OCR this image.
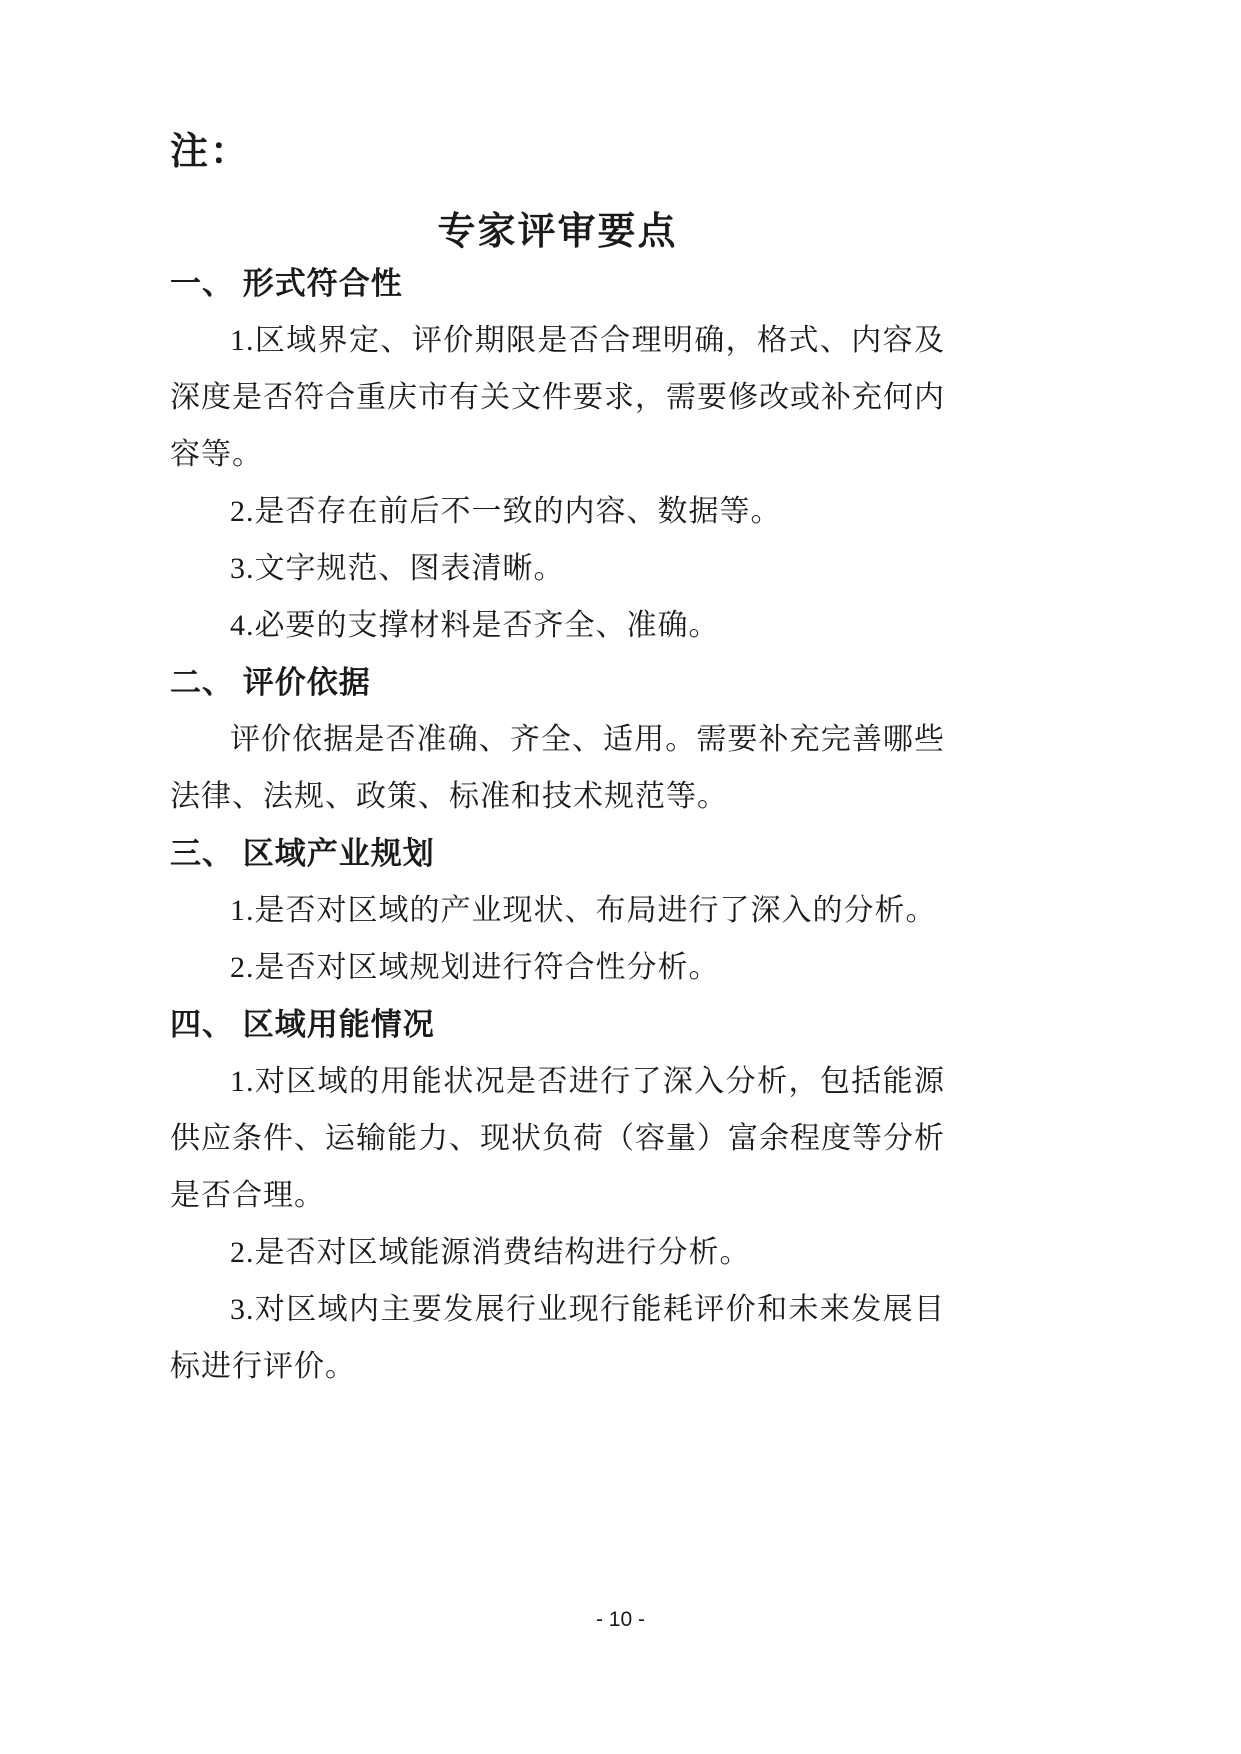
注：
专家评审要点
一、 形式符合性

1.区域界定、评价期限是否合理明确，格式、内容及深度是否符合重庆市有关文件要求，需要修改或补充何内容等。

2.是否存在前后不一致的内容、数据等。

3.文字规范、图表清晰。

4.必要的支撑材料是否齐全、准确。

二、 评价依据

评价依据是否准确、齐全、适用。需要补充完善哪些法律、法规、政策、标准和技术规范等。

三、 区域产业规划

1.是否对区域的产业现状、布局进行了深入的分析。

2.是否对区域规划进行符合性分析。

四、 区域用能情况

1.对区域的用能状况是否进行了深入分析，包括能源供应条件、运输能力、现状负荷（容量）富余程度等分析是否合理。

2.是否对区域能源消费结构进行分析。

3.对区域内主要发展行业现行能耗评价和未来发展目标进行评价。

- 10 -
